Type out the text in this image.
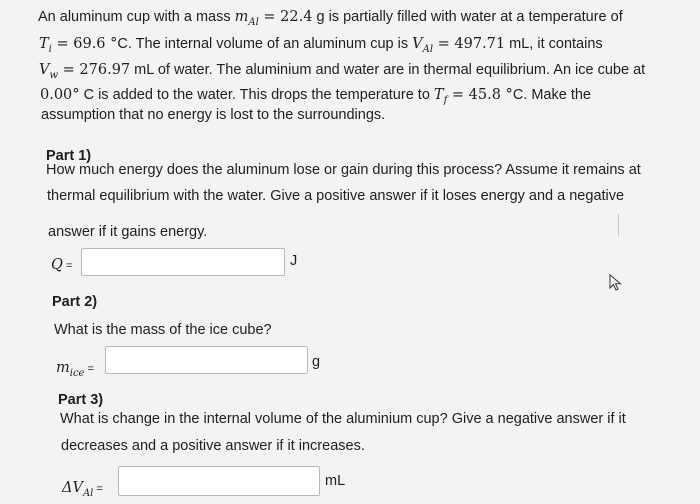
An aluminum cup with a mass $m_{Al} = 22.4$ g is partially filled with water at a temperature of
$T_i = 69.6$ °C. The internal volume of an aluminum cup is $V_{Al} = 497.71$ mL, it contains
$V_w = 276.97$ mL of water. The aluminium and water are in thermal equilibrium. An ice cube at
0.00° C is added to the water. This drops the temperature to $T_f = 45.8$ °C. Make the
assumption that no energy is lost to the surroundings.
Part 1)
How much energy does the aluminum lose or gain during this process? Assume it remains at
thermal equilibrium with the water. Give a positive answer if it loses energy and a negative
answer if it gains energy.
Q =	J
Part 2)
What is the mass of the ice cube?
$m_{ice}$ =	g
Part 3)
What is change in the internal volume of the aluminium cup? Give a negative answer if it
decreases and a positive answer if it increases.
$\Delta V_{Al}$ =	mL
